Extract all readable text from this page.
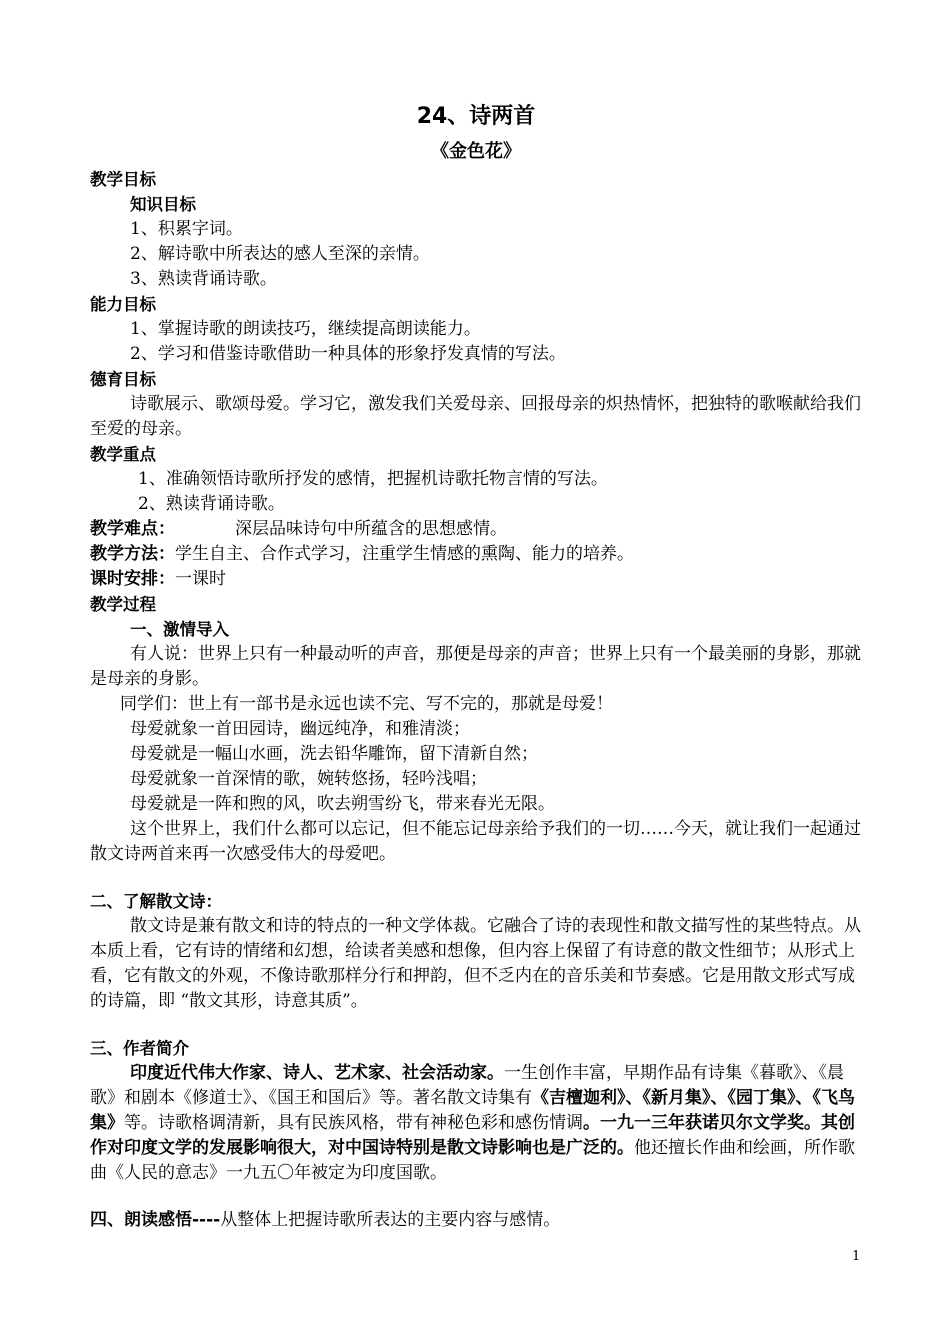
24、诗两首
《金色花》
教学目标
知识目标
1、积累字词。
2、解诗歌中所表达的感人至深的亲情。
3、熟读背诵诗歌。
能力目标
1、掌握诗歌的朗读技巧，继续提高朗读能力。
2、学习和借鉴诗歌借助一种具体的形象抒发真情的写法。
德育目标
诗歌展示、歌颂母爱。学习它，激发我们关爱母亲、回报母亲的炽热情怀，把独特的歌喉献给我们至爱的母亲。
教学重点
1、准确领悟诗歌所抒发的感情，把握机诗歌托物言情的写法。
2、熟读背诵诗歌。
教学难点：	深层品味诗句中所蕴含的思想感情。
教学方法：学生自主、合作式学习，注重学生情感的熏陶、能力的培养。
课时安排：一课时
教学过程
一、激情导入
有人说：世界上只有一种最动听的声音，那便是母亲的声音；世界上只有一个最美丽的身影，那就是母亲的身影。
同学们：世上有一部书是永远也读不完、写不完的，那就是母爱！
母爱就象一首田园诗，幽远纯净，和雅清淡；
母爱就是一幅山水画，洗去铅华雕饰，留下清新自然；
母爱就象一首深情的歌，婉转悠扬，轻吟浅唱；
母爱就是一阵和煦的风，吹去朔雪纷飞，带来春光无限。
这个世界上，我们什么都可以忘记，但不能忘记母亲给予我们的一切……今天，就让我们一起通过散文诗两首来再一次感受伟大的母爱吧。
二、了解散文诗：
散文诗是兼有散文和诗的特点的一种文学体裁。它融合了诗的表现性和散文描写性的某些特点。从本质上看，它有诗的情绪和幻想，给读者美感和想像，但内容上保留了有诗意的散文性细节；从形式上看，它有散文的外观，不像诗歌那样分行和押韵，但不乏内在的音乐美和节奏感。它是用散文形式写成的诗篇，即 “散文其形，诗意其质”。
三、作者简介
印度近代伟大作家、诗人、艺术家、社会活动家。一生创作丰富，早期作品有诗集《暮歌》、《晨歌》和剧本《修道士》、《国王和国后》等。著名散文诗集有《吉檀迦利》、《新月集》、《园丁集》、《飞鸟集》等。诗歌格调清新，具有民族风格，带有神秘色彩和感伤情调。一九一三年获诺贝尔文学奖。其创作对印度文学的发展影响很大，对中国诗特别是散文诗影响也是广泛的。他还擅长作曲和绘画，所作歌曲《人民的意志》一九五〇年被定为印度国歌。
四、朗读感悟----从整体上把握诗歌所表达的主要内容与感情。
1
